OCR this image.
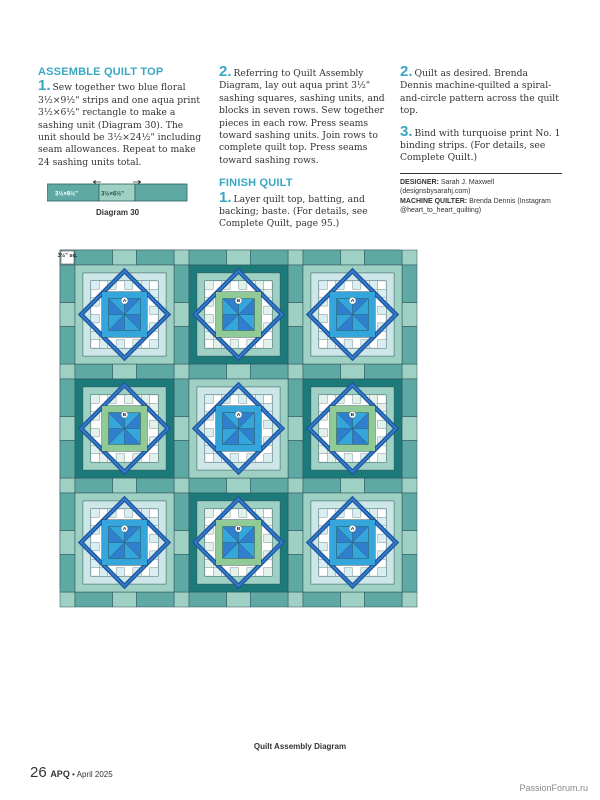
ASSEMBLE QUILT TOP

1. Sew together two blue floral 3½×9½" strips and one aqua print 3½×6½" rectangle to make a sashing unit (Diagram 30). The unit should be 3½×24½" including seam allowances. Repeat to make 24 sashing units total.

3½×9½"	3½×6½"
Diagram 30

2. Referring to Quilt Assembly Diagram, lay out aqua print 3½" sashing squares, sashing units, and blocks in seven rows. Sew together pieces in each row. Press seams toward sashing units. Join rows to complete quilt top. Press seams toward sashing rows.

FINISH QUILT

1. Layer quilt top, batting, and backing; baste. (For details, see Complete Quilt, page 95.)

2. Quilt as desired. Brenda Dennis machine-quilted a spiral-and-circle pattern across the quilt top.

3. Bind with turquoise print No. 1 binding strips. (For details, see Complete Quilt.)

DESIGNER: Sarah J. Maxwell (designsbysarahj.com)
MACHINE QUILTER: Brenda Dennis (Instagram @heart_to_heart_quilting)
A	B	A
B	A	B
A	B	A
3½" sq.
Quilt Assembly Diagram
26 APQ • April 2025
PassionForum.ru
